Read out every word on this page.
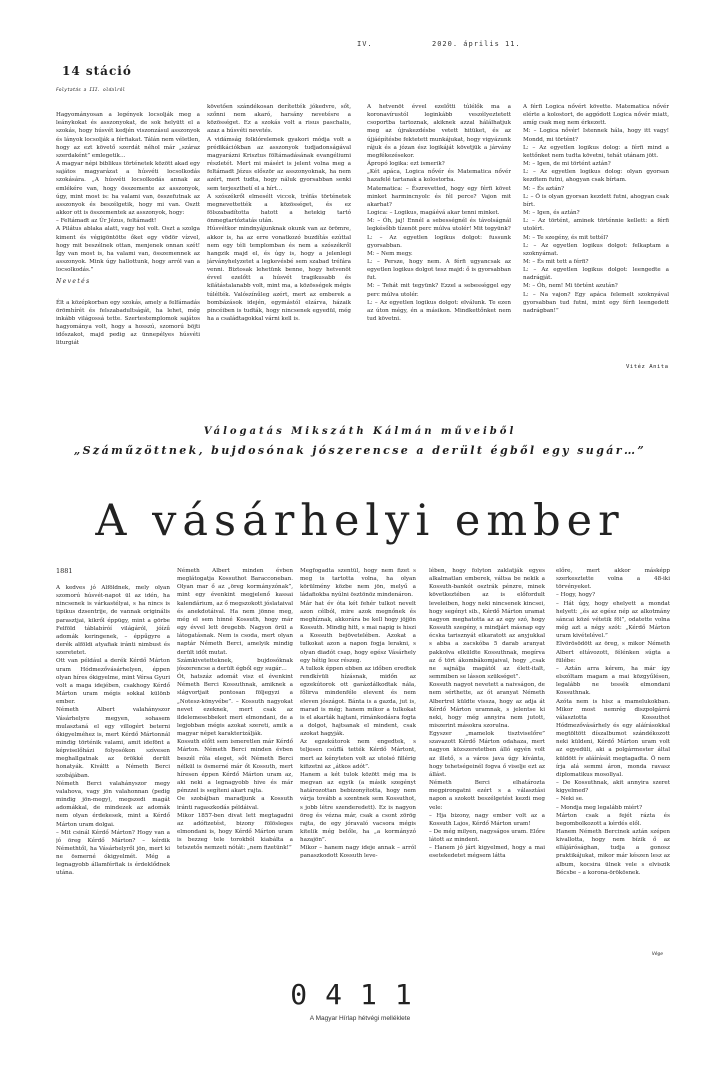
IV.	2020. április 11.
14 stáció
Folytatás a III. oldalról

Hagyományosan a legények locsolják meg a leánykokat és asszonyokat, de sok helyütt el a szokás, hogy húsvét kedjén viszonzásul asszonyok és lányok locsolják a férfiakat. Tálán nem véletlen, hogy az ezt követő szerdát néhol már „száraz szerdaként” emlegetik…
A magyar népi biblikus történetek között akad egy sajátos magyarázat a húsvéti locsolkodás szokására. „A húsvéti locsolkodás annak az emlékére van, hogy összemente az asszonyok, úgy, mint most is: ha valami van, összefutnak az asszonyok és beszélgetik, hogy mi van. Osztt akkor ott is összementek az asszonyok, hogy:
– Feltámadt az Úr Jézus, feltámadt!
A Pilátus ablaka alatt, vagy hol volt. Oszt a szolga kiment és végigöntötte őket egy vödör vízvel, hogy mit beszélnek ottan, menjenek onnan szét! Így van most is, ha valami van, összemennek az asszonyok. Mink úgy hallottunk, hogy arról van a locsolkodás.”

Nevetés

Élt a középkorban egy szokás, amely a felfámadás örömhírét és felszabadultságát, ha lehet, még inkább világossá tette. Szertestemplomok sajátos hagyománya volt, hogy a hosszú, szomorú böjti időszakot, majd pedig az ünnepélyes húsvéti liturgiát

követően szándékosan derítették jókedvre, sőt, szőnni nem akaró, harsány nevetésre a közösséget. Ez a szokás volt a risus paschalis, azaz a húsvéti nevetés.
A vidámság folklórelemek gyakori módja volt a prédikációkban az asszonyok tudjadonságával magyarázni Krisztus föltámadásának evangéliumi részletét. Mert mi másért is jelent volna meg a feltámadt Jézus először az asszonyoknak, ha nem azért, mert tudta, hogy náluk gyorsabban senki sem terjeszthetí el a hírt…
A szószékről elmesélt viccek, tréfás történetek megnevettették a közösséget, és ez fölszabadította hatott a hetekig tartó önmegtartóztatás után.
Húsvétkor mindnyájunknak okunk van az örömre, akkor is, ha az erre vonatkozó buzdítás ezúttal nem egy téli templomban és nem a szószékről hangzik majd el, és úgy is, hogy a jelenlegi járványhelyzetet a legkevésbé sem szabad tréfára venni. Biztosak lehetünk benne, hogy hetvenöt évvel ezelőtt a húsvét tragikusabb és kilátástalanabb volt, mint ma, a közösségek mégis túlélték. Valószínűleg azért, mert az emberek a bombázások idején, egymástól elzárva, házaik pincéiben is tudták, hogy nincsenek egyedül, még ha a családtagokkal várni kell is.
A hetvenöt évvel ezelőtti túlélők ma a koronavírustól leginkább veszélyeztetett csoportba tartoznak, akiknek azzal hálálhatjuk meg az újrakezdésbe vetett hitüket, és az újjáépítésbe fektetett munkájukat, hogy vigyázunk rájuk és a józan ész logikáját követjük a járvány megfékezésekor.
Ápropó logika: ezt ismerik?
„Két apáca, Logica nővér és Matematica nővér hazafelé tartanak a kolostorba.
Matematica: – Észrevetted, hogy egy férfi követ minket harmincnyolc és fél perce? Vajon mit akarhat?
Logica: – Logikus, magáévá akar tenni minket.
M: – Óh, jaj! Ennél a sebességnél és távolságnál legkésőbb tízenöt perc múlva utolér! Mit tegyünk?
L: – Az egyetlen logikus dolgot: fussunk gyorsabban.
M: – Nem megy.
L: – Persze, hogy nem. A férfi ugyancsak az egyetlen logikus dolgot tesz majd: ő is gyorsabban fut.
M: – Tehát mit tegyünk? Ezzel a sebességgel egy perc múlva utolér.
L: – Az egyetlen logikus dolgot: elválunk. Te ezen az úton mégy, én a másikon. Mindkettőnket nem tud követni.
A férfi Logica nővért követte. Matematica nővér elérte a kolostort, de aggódott Logica nővér miatt, amíg csak meg nem érkezett.
M: – Logica nővér! Istennek hála, hogy itt vagy! Mondd, mi történt?
L: – Az egyetlen logikus dolog: a férfi mind a kettőnket nem tudta követni, tehát utánam jött.
M: – Igen, de mi történt aztán?
L: – Az egyetlen logikus dolog: olyan gyorsan kezdtem futni, ahogyan csak bírtam.
M: – És aztán?
L: – Ő is olyan gyorsan kezdett futni, ahogyan csak bírt.
M: – Igen, és aztán?
L: – Az történt, aminek történnie kellett: a férfi utolért.
M: – Te szegény, és mit tettél?
L: – Az egyetlen logikus dolgot: felkaptam a szoknyámat.
M: – És mit tett a férfi?
L: – Az egyetlen logikus dolgot: leengedte a nadrágját.
M: – Óh, nem! Mi történt azután?
L: – Na vajon? Egy apáca felemelt szoknyával gyorsabban tud futni, mint egy férfi leengedett nadrágban!”
Vitéz Anita
Válogatás Mikszáth Kálmán műveiből
„Száműzöttnek, bujdosónak jószerencse a derült égből egy sugár…”
A vásárhelyi ember
1881
A kedves jó Alföldnek, mely olyan szomorú húsvét-napot ül az idén, ha nincsenek is várkastélyai, s ha nincs is tipikus dzsentrije, de vannak originális parasztjai, kikről éppügy, mint a görbe Felföld táblabíróí világáról, jóízű adomák keringenek, – éppűgyre a derék alföldi atyafiak iránti nimbust és szeretetet.
Ott van például a derék Kérdő Márton uram Hódmezővásárhelyen, éppen olyan híres ókigyelme, mint Vérsa Gyuri volt a maga idejében, csakhogy Kérdő Márton uram mégis sokkal különb ember.
Németh Albert valahányszor Vásárhelyre megyen, sohasem mulasztaná el egy villogért beterni ókigyelméhez is, mert Kérdő Mártonnál mindig történik valami, amit idefönt a képviselőházi folyosókon szívesen meghallgatnak az örökké derült honatyák. Kiváltt a Németh Berci szobájában.
Németh Berci valahányszor megy valahova, vagy jön valahonnan (pedig mindig jön-megy), megszedi magát adomákkal, de mindezek az adomák nem olyan érdekesek, mint a Kérdő Márton uram dolgai.
– Mit csinál Kérdő Márton? Hogy van a jó öreg Kérdő Márton? – kérdik Némethtől, ha Vásárhelyről jön, mert ki ne ösmerné ókigyelmét. Még a legnagyobb államférfiak is érdeklődnek utána.
Németh Albert minden évben meglátogatja Kossuthot Baracconeban. Olyan mar ő az „öreg kormányzónak”, mint egy évenkint megjelenő kassai kalendárium, az ő megszokott jóslataival és anekdotáival. Ha nem jönne meg, még el sem hinné Kossuth, hogy már egy évvel lett öregebb. Nagyon örül a látogatásnak. Nem is csoda, mert olyan naptár Németh Berci, amelyik mindig derült időt mutat.
Számkivetetteknek, bujdosóknak jószerencse a derült égből egy sugár…
Ót, hatszáz adomát visz el évenkint Németh Berci Kossuthnak, amiknek a slágvortjait pontosan följegyzi a „Notesz-könyvébe”. – Kossuth nagyokat nevet ezeknek, mert csak az ildelemesebbeket meri elmondani, de a legjobban mégis azokat szereti, amik a magyar népet karakterizálják.
Kossuth előtt sem ismeretlen már Kérdő Márton. Németh Berci minden évben beszél róla eleget, sőt Németh Berci nélkül is ösmerné már őt Kossuth, mert híresen éppen Kérdő Márton uram az, aki neki a legnagyobb hive és már pénzzel is segíteni akart rajta.
Oe szobájban maradjunk a Kossuth iránti ragaszkodás példáival.
Mikor 1857-ben divat lett megtagadni az adófizetést, bizony fölösleges elmondani is, hogy Kérdő Márton uram is bezzeg tele torokból kiabálta a tetszetős nemzeti nótát: „nem fizetünk!”
Megfogadta szentül, hogy nem fizet s meg is tartotta volna, ha olyan körülmény közbe nem jön, melyű a ládafiokba nyúlni ösztönöz mindenáron.
Már hat év óta két fehér tulkot nevelt azon célból, mire azok megnőnek és meghíznak, akkorára be kell hogy jöjjön Kossuth. Mindig hitt, s mai napig is hiszi a Kossuth bejövetelében. Azokat a tulkokat azon a napon fogja lerakni, s olyan diadót csap, hogy egész Vásárhely egy hétig lesz részeg.
A tulkok éppen ebben az időben eredtek rendkívüli hízásnak, midőn az egzekútorok ott garázdálkodtak nála, főlirva mindenféle elevent és nem eleven jószágot. Bánta is a gazda, jut is, marad is még; hanem mikor a tulkokat is el akarták hajtani, rimánkodásra fogta a dolgot, hajtsanak el mindent, csak azokat hagyják.
Az egzekútorok nem engedtek, s teljesen csúffá tették Kérdő Mártont, mert az kényteten volt az utolsó fillérig kifizetni az „átkos adót”.
Hanem a két tulok között még ma is megvan az egyik (a másik szegényt határozottan bebizonyította, hogy nem várja tovább a szentnek sem Kossuthot, s jobb létre szenderedett). Ez is nagyon öreg és vézna már, csak a csont zörög rajta, de egy jóravaló vacsora mégis kitelik még belőle, ha „a kormányzó hazajön”.
Mikor – hanem nagy ideje annak – arról panaszkodott Kossuth leve-
lében, hogy folyton zaklatják egyes alkalmatlan emberek, váltsa be nekik a Kossuth-bankót osztrák pénzre, minek következtében az is előfordult leveleiben, hogy neki nincsenek kincsei, hogy segényt sib., Kérdő Márton uramat nagyon meghatotta az az egy szó, hogy Kossuth szegény, s mindjárt másnap egy écska tarisznyát elkaratott az anyjukkal s abba a zacskóba 5 darab aranyat pakkolva elküldte Kossuthnak, megírva az ő tört ákombákomjaival, hogy „csak ne sajnálja magától az élett-italt, semmiben se lásson szükséget”.
Kossuth nagyot nevetett a naivságon, de nem sérthette, az ót aranyat Németh Albertrel küldte vissza, hogy az adja át Kérdő Márton uramnak, s jelentse ki neki, hogy még annyira nem jutott, miszerint másokra szorulna.
Egyszer „mamelok tisztviselőre” szavazott Kérdő Márton odahaza, mert nagyon közszeretetben álló egyén volt az illető, s a város java úgy kívánta, hogy tehetségeinél fogva ő viselje ezt az állást.
Németh Berci elhatározta megpirongatni ezért s a választási napon a szokott beszélgetést kezdi meg vele:
– Hja bizony, nagy ember volt az a Kossuth Lajos, Kérdő Márton uram!
– De még milyen, nagyságos uram. Előre látott az mindent.
– Hanem jó járt kigyelmed, hogy a mai esetekedetet mégsem látta
előre, mert akkor másképp szerkesztette volna a 48-iki törvényeket.
– Hogy, hogy?
– Hát úgy, hogy ehelyett a mondat helyett: „és az egész nép az alkotmány sáncai közé vétetik föl”, odatette volna még azt a négy szót: „Kérdő Márton uram kivételével.”
Elvörösödött az öreg, s mikor Németh Albert eltávozott, félénken súgta a fülébe:
– Aztán arra kérem, ha már így elszóltam magam a mai közgyűlésen, legalább ne tessék elmondani Kossuthnak.
Azóta nem is hisz a mamelukokban. Mikor most nemrég diszpolgárrá választotta Kossuthot Hódmezővásárhely és egy aláírásokkal megtöltött díszalbumot szándékozott neki küldeni, Kérdő Márton uram volt az egyedüli, aki a polgármester által küldött ív aláírását megtagadta. Ő nem írja alá semmi áron, monda ravasz diplomatikus mosollyal.
– De Kossuthnak, akit annyira szeret kigyelmed?
– Neki se.
– Mondja meg legalább miért?
Márton csak a fejét rázta és begombolkozott a kérdés elől.
Hanem Németh Bercinek aztán szépen kivallotta, hogy nem bízik ő az ellájárósághan, tudja a gonosz praktikájukat, mikor már készen lesz az album, kocsira ülnek vele s elviszik Bécsbe – a korona-örökösnek.
Vége
0411
A Magyar Hírlap hétvégi melléklete
